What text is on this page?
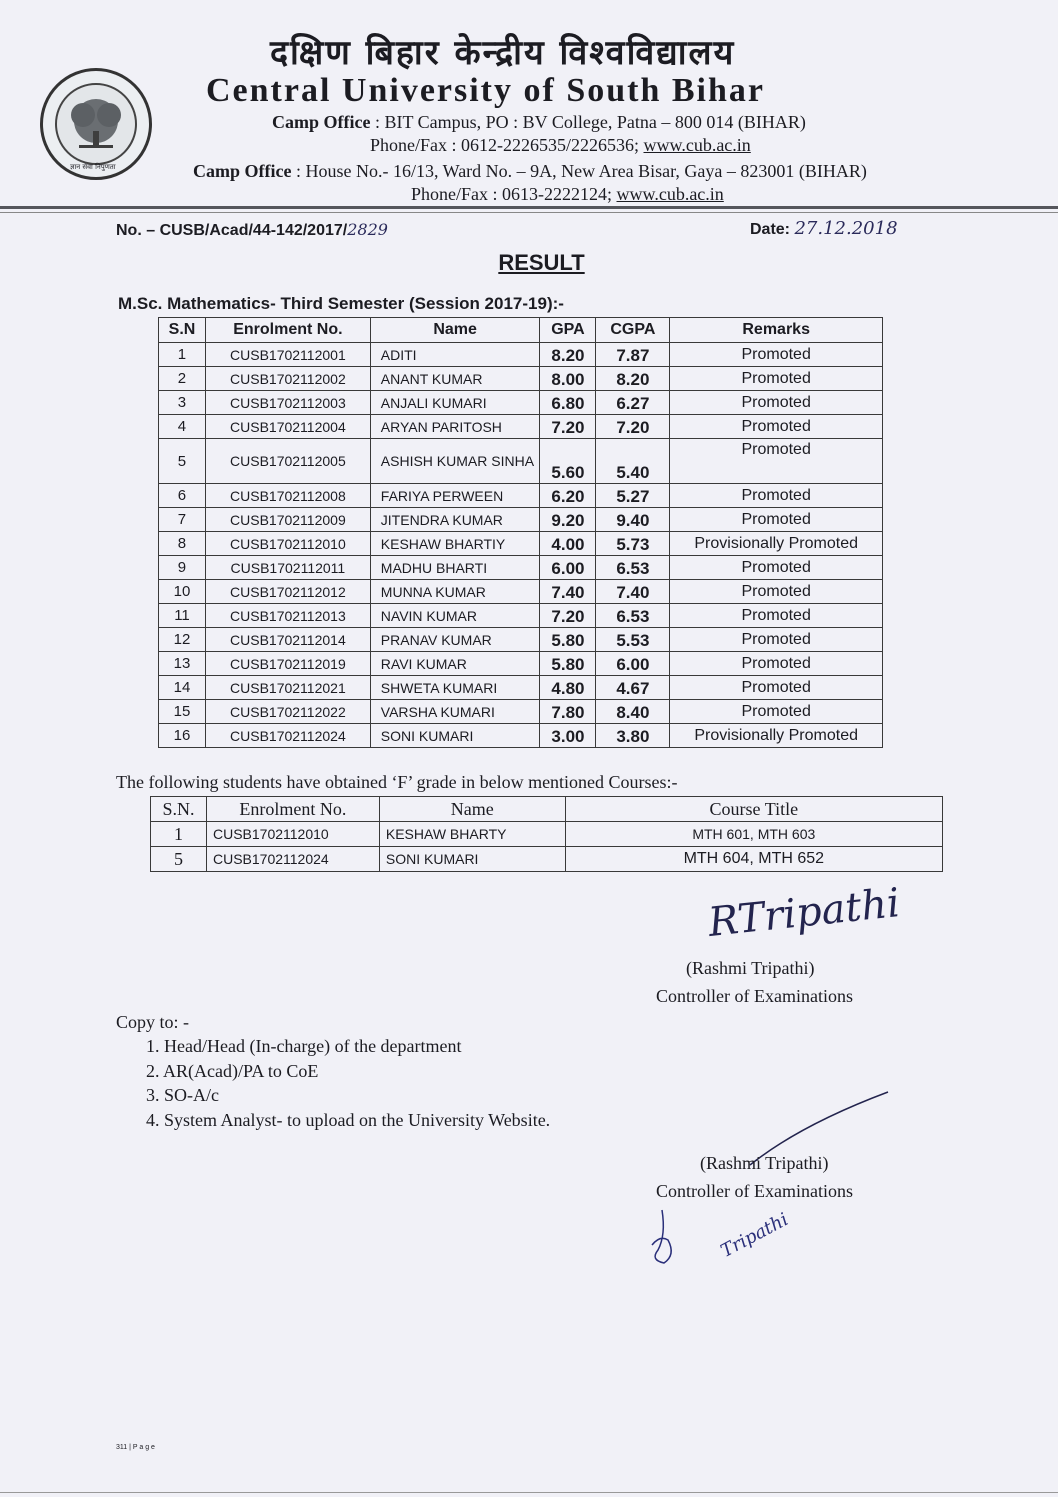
ज्ञान सेवा निपुणता
दक्षिण बिहार केन्द्रीय विश्वविद्यालय
Central University of South Bihar
Camp Office : BIT Campus, PO : BV College, Patna – 800 014 (BIHAR)
Phone/Fax : 0612-2226535/2226536; www.cub.ac.in
Camp Office : House No.- 16/13, Ward No. – 9A, New Area Bisar, Gaya – 823001 (BIHAR)
Phone/Fax : 0613-2222124; www.cub.ac.in
No. – CUSB/Acad/44-142/2017/2829	Date: 27.12.2018
RESULT
M.Sc. Mathematics- Third Semester (Session 2017-19):-
S.N	Enrolment No.	Name	GPA	CGPA	Remarks
1	CUSB1702112001	ADITI	8.20	7.87	Promoted
2	CUSB1702112002	ANANT KUMAR	8.00	8.20	Promoted
3	CUSB1702112003	ANJALI KUMARI	6.80	6.27	Promoted
4	CUSB1702112004	ARYAN PARITOSH	7.20	7.20	Promoted
5	CUSB1702112005	ASHISH KUMAR SINHA	5.60	5.40	Promoted
6	CUSB1702112008	FARIYA PERWEEN	6.20	5.27	Promoted
7	CUSB1702112009	JITENDRA KUMAR	9.20	9.40	Promoted
8	CUSB1702112010	KESHAW BHARTIY	4.00	5.73	Provisionally Promoted
9	CUSB1702112011	MADHU BHARTI	6.00	6.53	Promoted
10	CUSB1702112012	MUNNA KUMAR	7.40	7.40	Promoted
11	CUSB1702112013	NAVIN KUMAR	7.20	6.53	Promoted
12	CUSB1702112014	PRANAV KUMAR	5.80	5.53	Promoted
13	CUSB1702112019	RAVI KUMAR	5.80	6.00	Promoted
14	CUSB1702112021	SHWETA KUMARI	4.80	4.67	Promoted
15	CUSB1702112022	VARSHA KUMARI	7.80	8.40	Promoted
16	CUSB1702112024	SONI KUMARI	3.00	3.80	Provisionally Promoted
The following students have obtained ‘F’ grade in below mentioned Courses:-
S.N.	Enrolment No.	Name	Course Title
1	CUSB1702112010	KESHAW BHARTY	MTH 601, MTH 603
5	CUSB1702112024	SONI KUMARI	MTH 604, MTH 652
RTripathi
(Rashmi Tripathi)
Controller of Examinations
Copy to: -
1. Head/Head (In-charge) of the department
2. AR(Acad)/PA to CoE
3. SO-A/c
4. System Analyst- to upload on the University Website.
(Rashmi Tripathi)
Controller of Examinations
Tripathi
311 | P a g e
